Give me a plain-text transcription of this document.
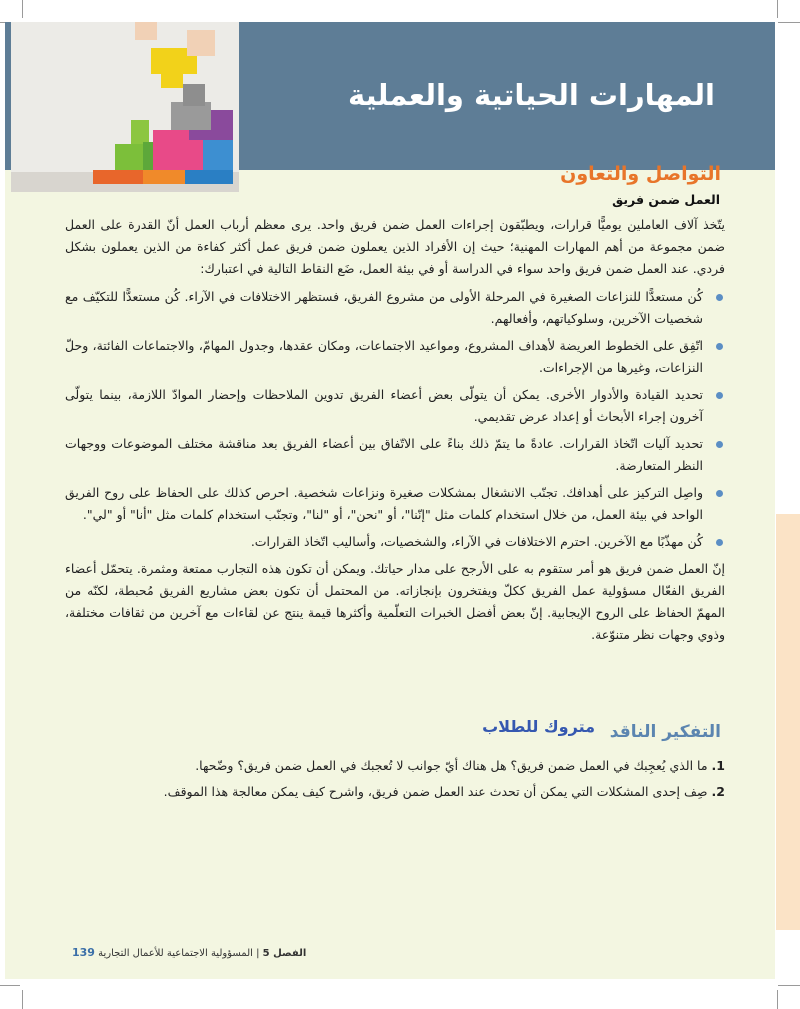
المهارات الحياتية والعملية
التواصل والتعاون
العمل ضمن فريق

يتّخذ آلاف العاملين يوميًّا قرارات، ويطبّقون إجراءات العمل ضمن فريق واحد. يرى معظم أرباب العمل أنّ القدرة على العمل ضمن مجموعة من أهم المهارات المهنية؛ حيث إن الأفراد الذين يعملون ضمن فريق عمل أكثر كفاءة من الذين يعملون بشكل فردي. عند العمل ضمن فريق واحد سواء في الدراسة أو في بيئة العمل، ضَع النقاط التالية في اعتبارك:

كُن مستعدًّا للنزاعات الصغيرة في المرحلة الأولى من مشروع الفريق، فستظهر الاختلافات في الآراء. كُن مستعدًّا للتكيّف مع شخصيات الآخرين، وسلوكياتهم، وأفعالهم.
اتّفِق على الخطوط العريضة لأهداف المشروع، ومواعيد الاجتماعات، ومكان عقدها، وجدول المهامّ، والاجتماعات الفائتة، وحلّ النزاعات، وغيرها من الإجراءات.
تحديد القيادة والأدوار الأخرى. يمكن أن يتولّى بعض أعضاء الفريق تدوين الملاحظات وإحضار الموادّ اللازمة، بينما يتولّى آخرون إجراء الأبحاث أو إعداد عرض تقديمي.
تحديد آليات اتّخاذ القرارات. عادةً ما يتمّ ذلك بناءً على الاتّفاق بين أعضاء الفريق بعد مناقشة مختلف الموضوعات ووجهات النظر المتعارضة.
واصِل التركيز على أهدافك. تجنّب الانشغال بمشكلات صغيرة ونزاعات شخصية. احرص كذلك على الحفاظ على روح الفريق الواحد في بيئة العمل، من خلال استخدام كلمات مثل "إنّنا"، أو "نحن"، أو "لنا"، وتجنّب استخدام كلمات مثل "أنا" أو "لي".
كُن مهذّبًا مع الآخرين. احترم الاختلافات في الآراء، والشخصيات، وأساليب اتّخاذ القرارات.

إنّ العمل ضمن فريق هو أمر ستقوم به على الأرجح على مدار حياتك. ويمكن أن تكون هذه التجارب ممتعة ومثمرة. يتحمّل أعضاء الفريق الفعّال مسؤولية عمل الفريق ككلّ ويفتخرون بإنجازاته. من المحتمل أن تكون بعض مشاريع الفريق مُحبطة، لكنّه من المهمّ الحفاظ على الروح الإيجابية. إنّ بعض أفضل الخبرات التعلّمية وأكثرها قيمة ينتج عن لقاءات مع آخرين من ثقافات مختلفة، وذوي وجهات نظر متنوّعة.

التفكير الناقد
متروك للطلاب
1. ما الذي يُعجِبك في العمل ضمن فريق؟ هل هناك أيّ جوانب لا تُعجبك في العمل ضمن فريق؟ وضّحها.
2. صِف إحدى المشكلات التي يمكن أن تحدث عند العمل ضمن فريق، واشرح كيف يمكن معالجة هذا الموقف.
139	الفصل 5 | المسؤولية الاجتماعية للأعمال التجارية
